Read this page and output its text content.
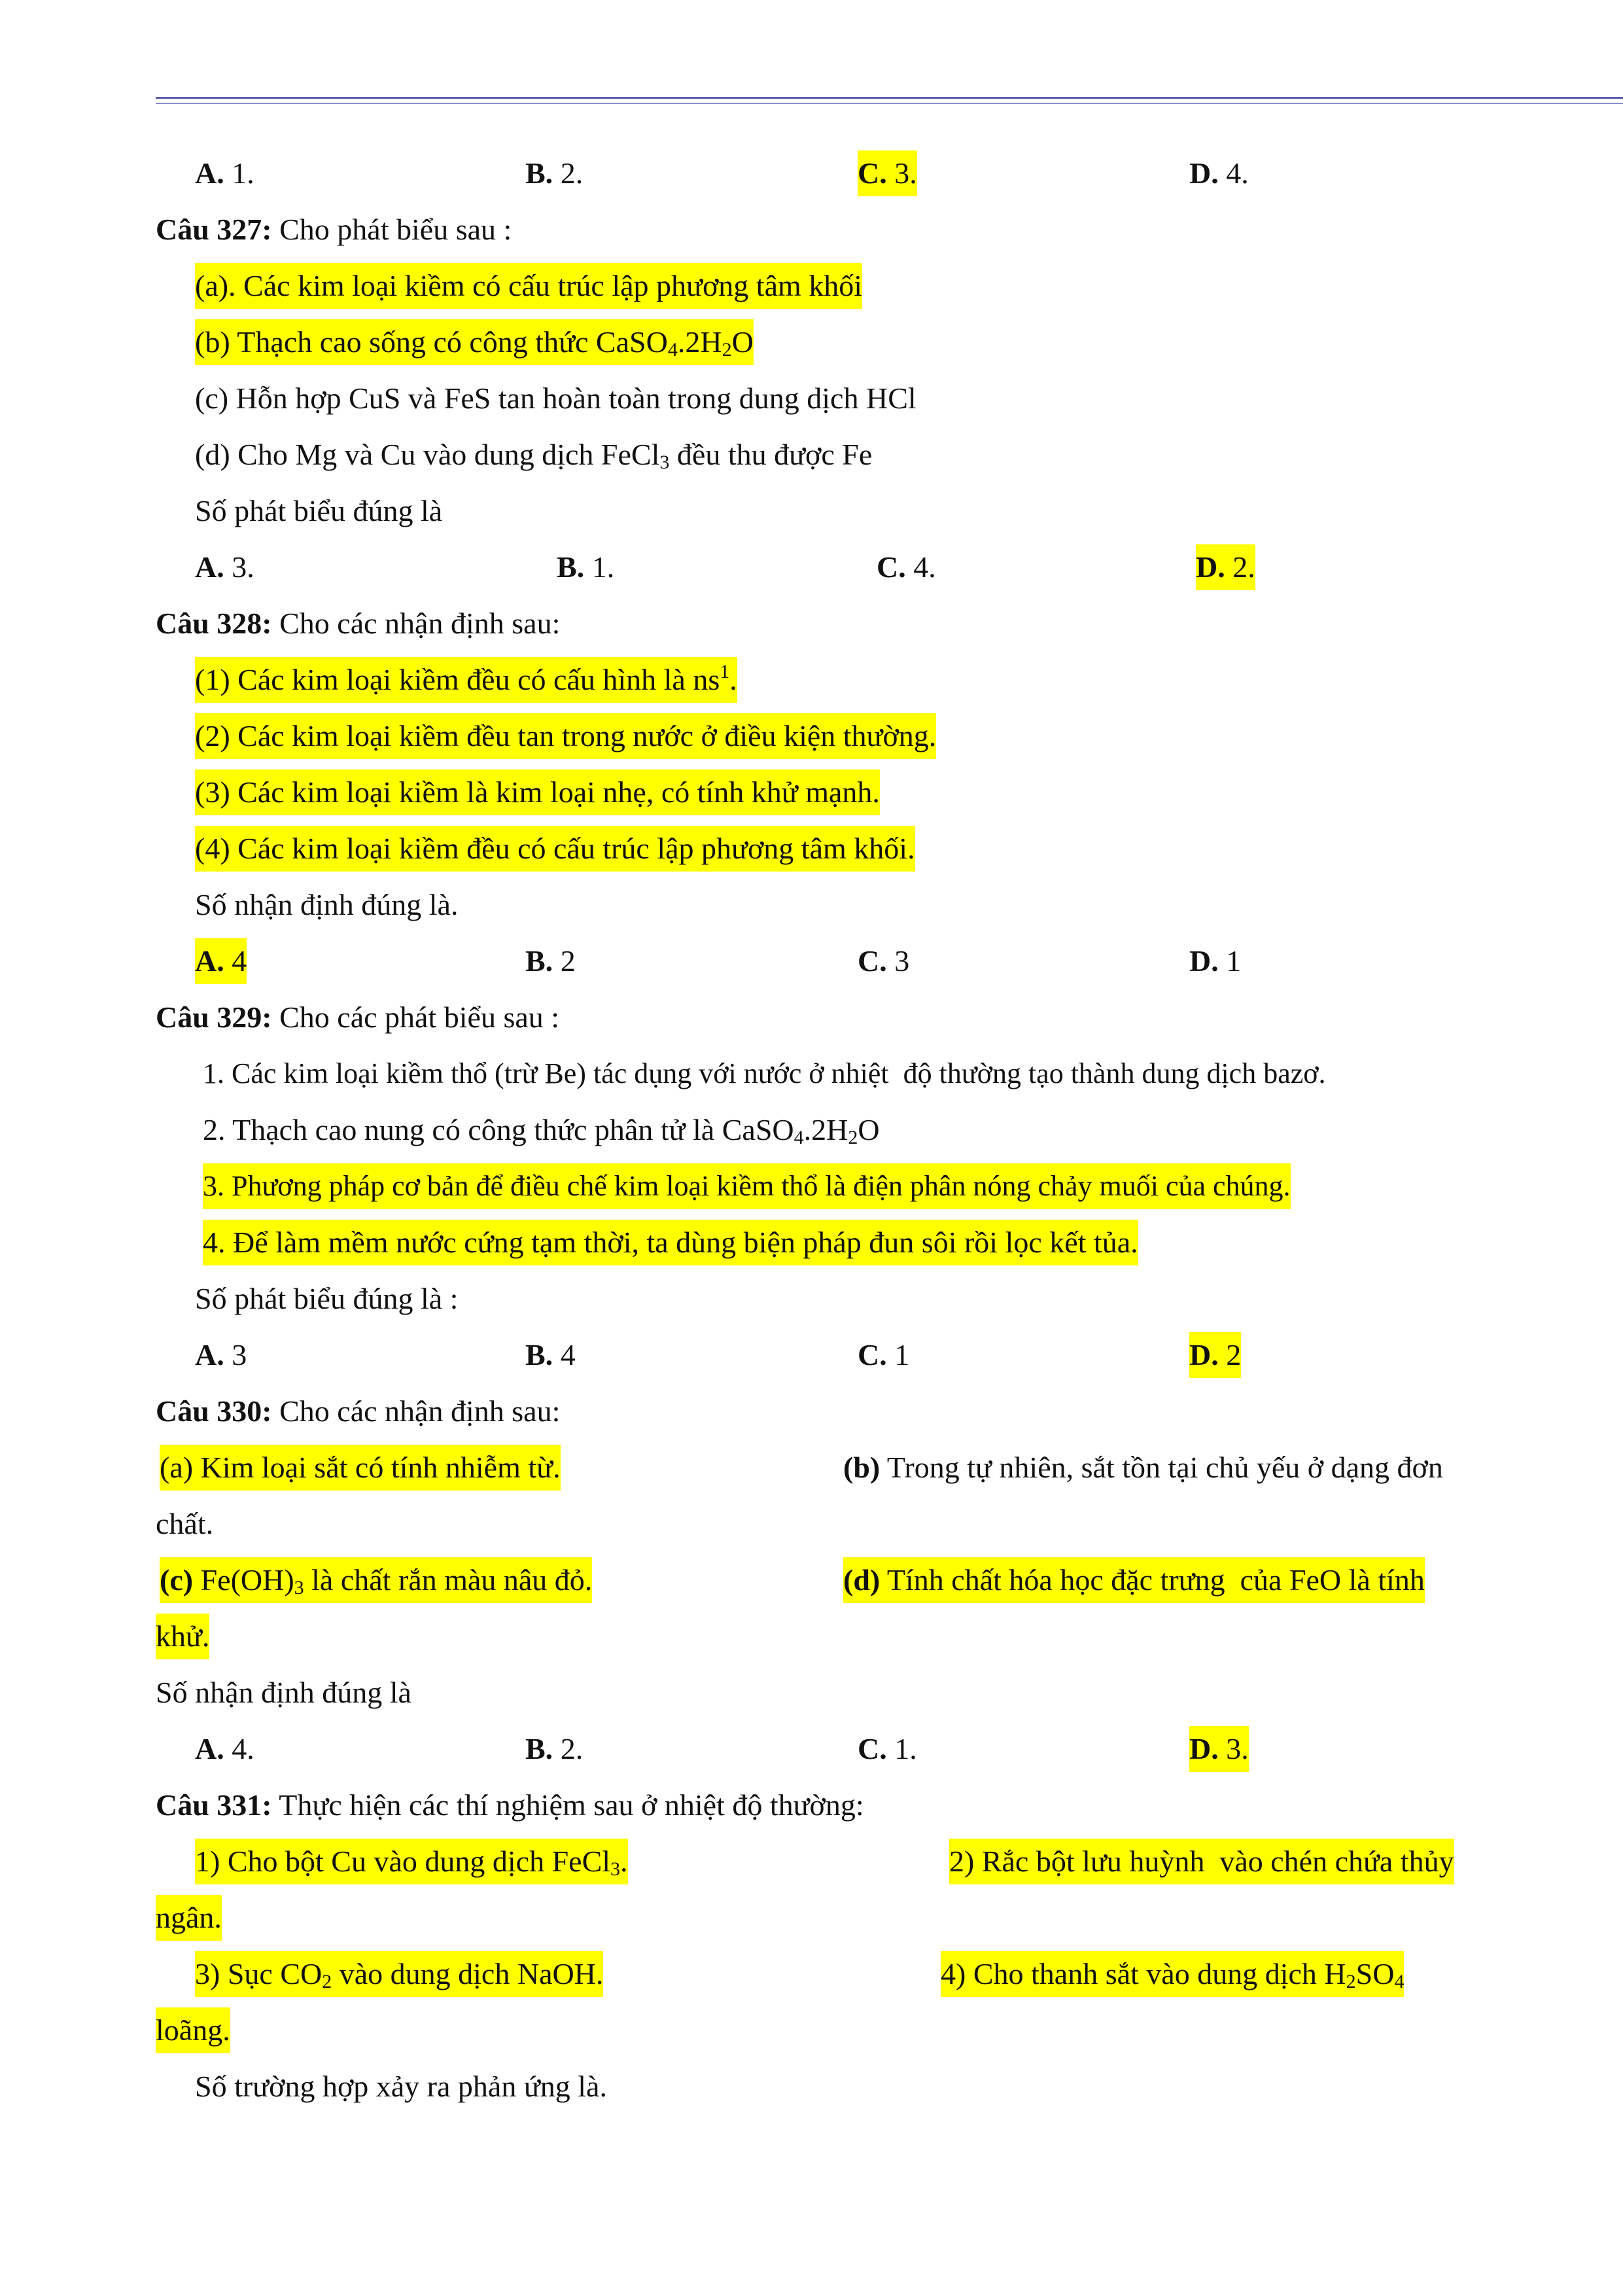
A. 1.	B. 2.	C. 3.	D. 4.
Câu 327: Cho phát biểu sau :
(a). Các kim loại kiềm có cấu trúc lập phương tâm khối
(b) Thạch cao sống có công thức $CaSO_4.2H_2O$
(c) Hỗn hợp CuS và FeS tan hoàn toàn trong dung dịch HCl
(d) Cho Mg và Cu vào dung dịch FeCl$_3$ đều thu được Fe
Số phát biểu đúng là
A. 3.	B. 1.	C. 4.	D. 2.
Câu 328: Cho các nhận định sau:
(1) Các kim loại kiềm đều có cấu hình là $ns^1$.
(2) Các kim loại kiềm đều tan trong nước ở điều kiện thường.
(3) Các kim loại kiềm là kim loại nhẹ, có tính khử mạnh.
(4) Các kim loại kiềm đều có cấu trúc lập phương tâm khối.
Số nhận định đúng là.
A. 4	B. 2	C. 3	D. 1
Câu 329: Cho các phát biểu sau :
1. Các kim loại kiềm thổ (trừ Be) tác dụng với nước ở nhiệt  độ thường tạo thành dung dịch bazơ.
2. Thạch cao nung có công thức phân tử là $CaSO_4.2H_2O$
3. Phương pháp cơ bản để điều chế kim loại kiềm thổ là điện phân nóng chảy muối của chúng.
4. Để làm mềm nước cứng tạm thời, ta dùng biện pháp đun sôi rồi lọc kết tủa.
Số phát biểu đúng là :
A. 3	B. 4	C. 1	D. 2
Câu 330: Cho các nhận định sau:
(a) Kim loại sắt có tính nhiễm từ.	(b) Trong tự nhiên, sắt tồn tại chủ yếu ở dạng đơn
chất.
(c) $Fe(OH)_3$ là chất rắn màu nâu đỏ.	(d) Tính chất hóa học đặc trưng  của FeO là tính
khử.
Số nhận định đúng là
A. 4.	B. 2.	C. 1.	D. 3.
Câu 331: Thực hiện các thí nghiệm sau ở nhiệt độ thường:
1) Cho bột Cu vào dung dịch FeCl$_3$.	2) Rắc bột lưu huỳnh  vào chén chứa thủy
ngân.
3) Sục $CO_2$ vào dung dịch NaOH.	4) Cho thanh sắt vào dung dịch $H_2SO_4$
loãng.
Số trường hợp xảy ra phản ứng là.
